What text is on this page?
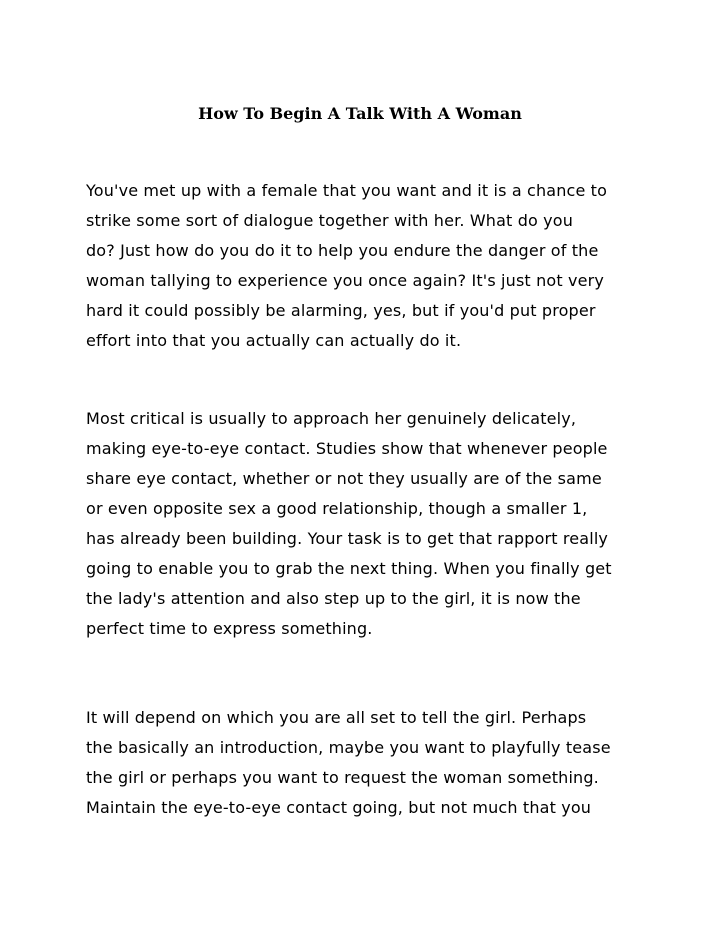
How To Begin A Talk With A Woman

You've met up with a female that you want and it is a chance to
strike some sort of dialogue together with her. What do you
do? Just how do you do it to help you endure the danger of the
woman tallying to experience you once again? It's just not very
hard it could possibly be alarming, yes, but if you'd put proper
effort into that you actually can actually do it.

Most critical is usually to approach her genuinely delicately,
making eye-to-eye contact. Studies show that whenever people
share eye contact, whether or not they usually are of the same
or even opposite sex a good relationship, though a smaller 1,
has already been building. Your task is to get that rapport really
going to enable you to grab the next thing. When you finally get
the lady's attention and also step up to the girl, it is now the
perfect time to express something.

It will depend on which you are all set to tell the girl. Perhaps
the basically an introduction, maybe you want to playfully tease
the girl or perhaps you want to request the woman something.
Maintain the eye-to-eye contact going, but not much that you
